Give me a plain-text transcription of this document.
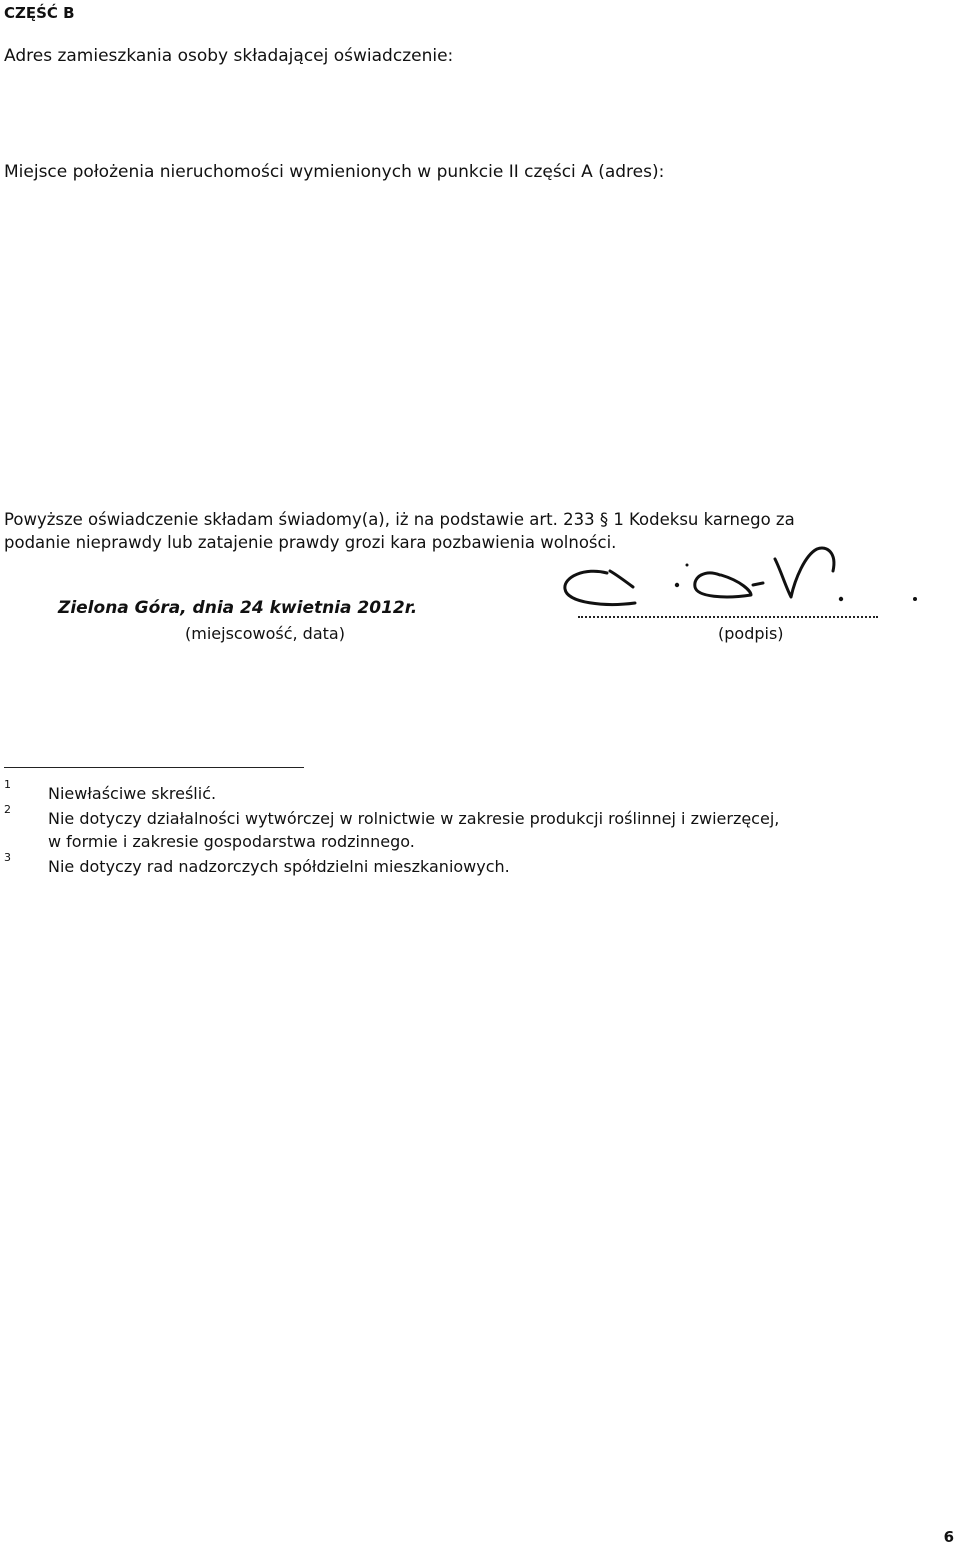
CZĘŚĆ B
Adres zamieszkania osoby składającej oświadczenie:
Miejsce położenia nieruchomości wymienionych w punkcie II części A (adres):
Powyższe oświadczenie składam świadomy(a), iż na podstawie art. 233 § 1 Kodeksu karnego za
podanie nieprawdy lub zatajenie prawdy grozi kara pozbawienia wolności.
Zielona Góra, dnia 24 kwietnia 2012r.
(miejscowość, data)	(podpis)
1 Niewłaściwe skreślić.
2 Nie dotyczy działalności wytwórczej w rolnictwie w zakresie produkcji roślinnej i zwierzęcej,
w formie i zakresie gospodarstwa rodzinnego.
3 Nie dotyczy rad nadzorczych spółdzielni mieszkaniowych.
6
